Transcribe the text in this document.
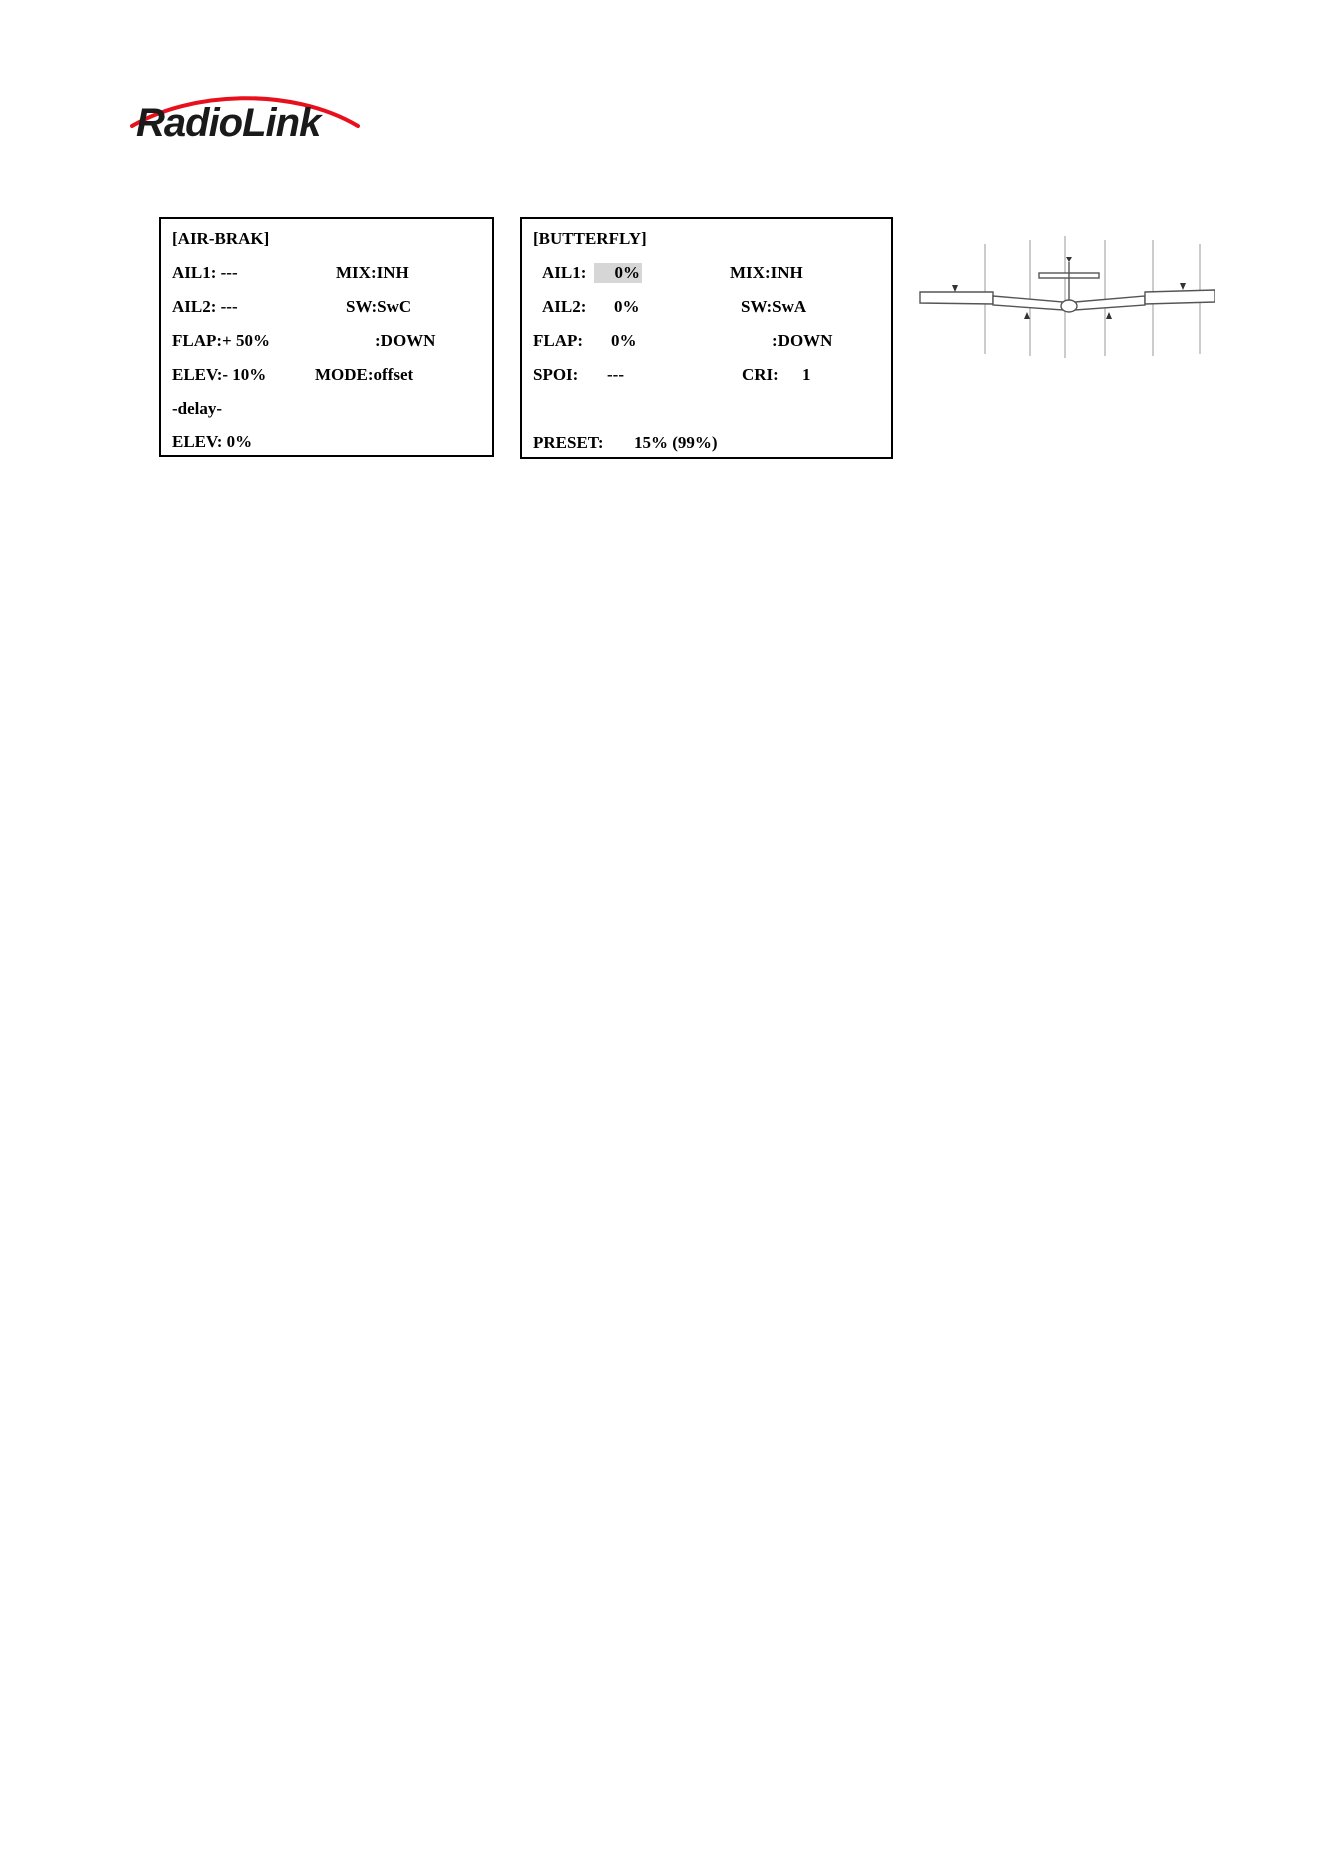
RadioLink
[AIR-BRAK]
AIL1: ---	MIX:INH
AIL2: ---	SW:SwC
FLAP:+ 50%	:DOWN
ELEV:- 10%	MODE:offset
-delay-
ELEV: 0%
[BUTTERFLY]
AIL1:	0%	MIX:INH
AIL2: 0%	SW:SwA
FLAP: 0%	:DOWN
SPOI: ---	CRI: 1
PRESET: 15% (99%)
